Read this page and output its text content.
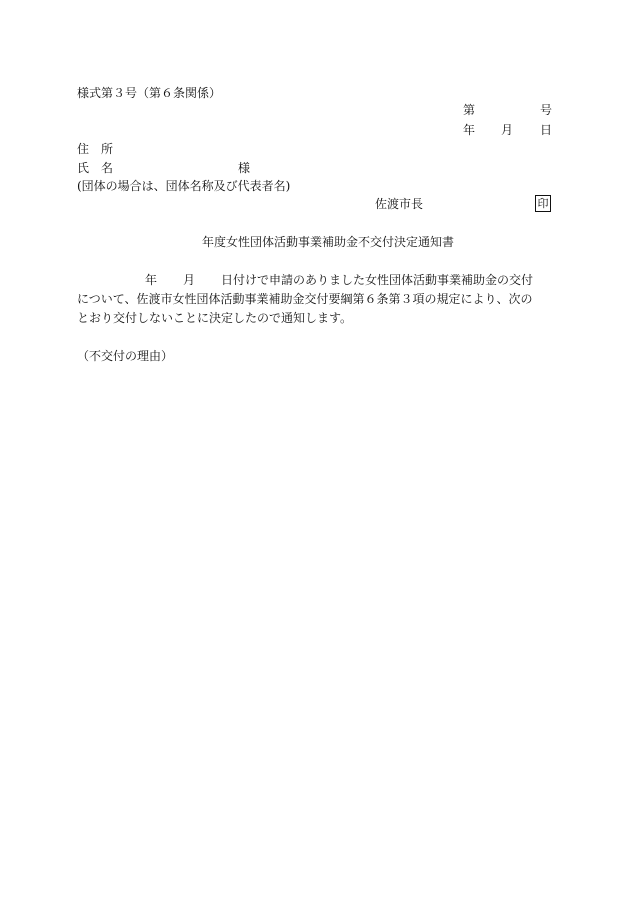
様式第３号（第６条関係）
第	号
年 月 日
住　所
氏　名	様
(団体の場合は、団体名称及び代表者名)
佐渡市長	印
年度女性団体活動事業補助金不交付決定通知書
年 月 日付けで申請のありました女性団体活動事業補助金の交付
について、佐渡市女性団体活動事業補助金交付要綱第６条第３項の規定により、次の
とおり交付しないことに決定したので通知します。
（不交付の理由）
